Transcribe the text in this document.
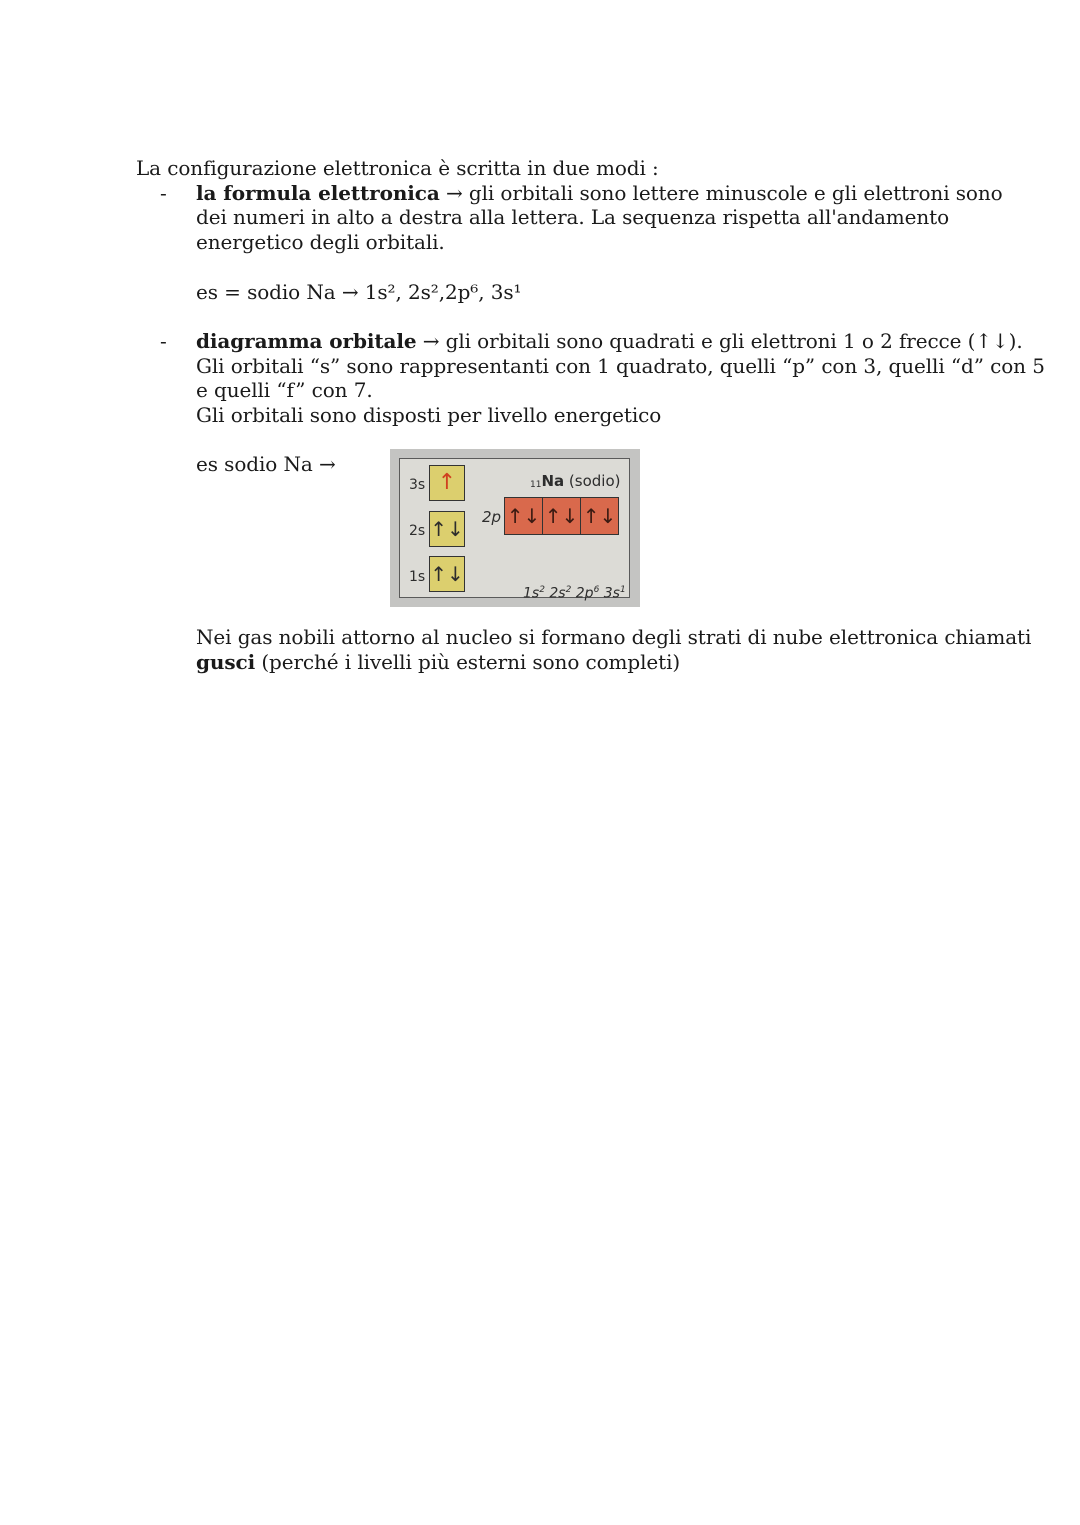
La configurazione elettronica è scritta in due modi :
- la formula elettronica → gli orbitali sono lettere minuscole e gli elettroni sono
dei numeri in alto a destra alla lettera. La sequenza rispetta all'andamento
energetico degli orbitali.
es = sodio Na → 1s², 2s²,2p⁶, 3s¹
- diagramma orbitale → gli orbitali sono quadrati e gli elettroni 1 o 2 frecce (↑↓).
Gli orbitali “s” sono rappresentanti con 1 quadrato, quelli “p” con 3, quelli “d” con 5
e quelli “f” con 7.
Gli orbitali sono disposti per livello energetico
es sodio Na →
11Na (sodio)
3s ↑
2s ↑↓
1s ↑↓
2p ↑↓ ↑↓ ↑↓
$1s^2$ $2s^2$ $2p^6$ $3s^1$
Nei gas nobili attorno al nucleo si formano degli strati di nube elettronica chiamati
gusci (perché i livelli più esterni sono completi)
